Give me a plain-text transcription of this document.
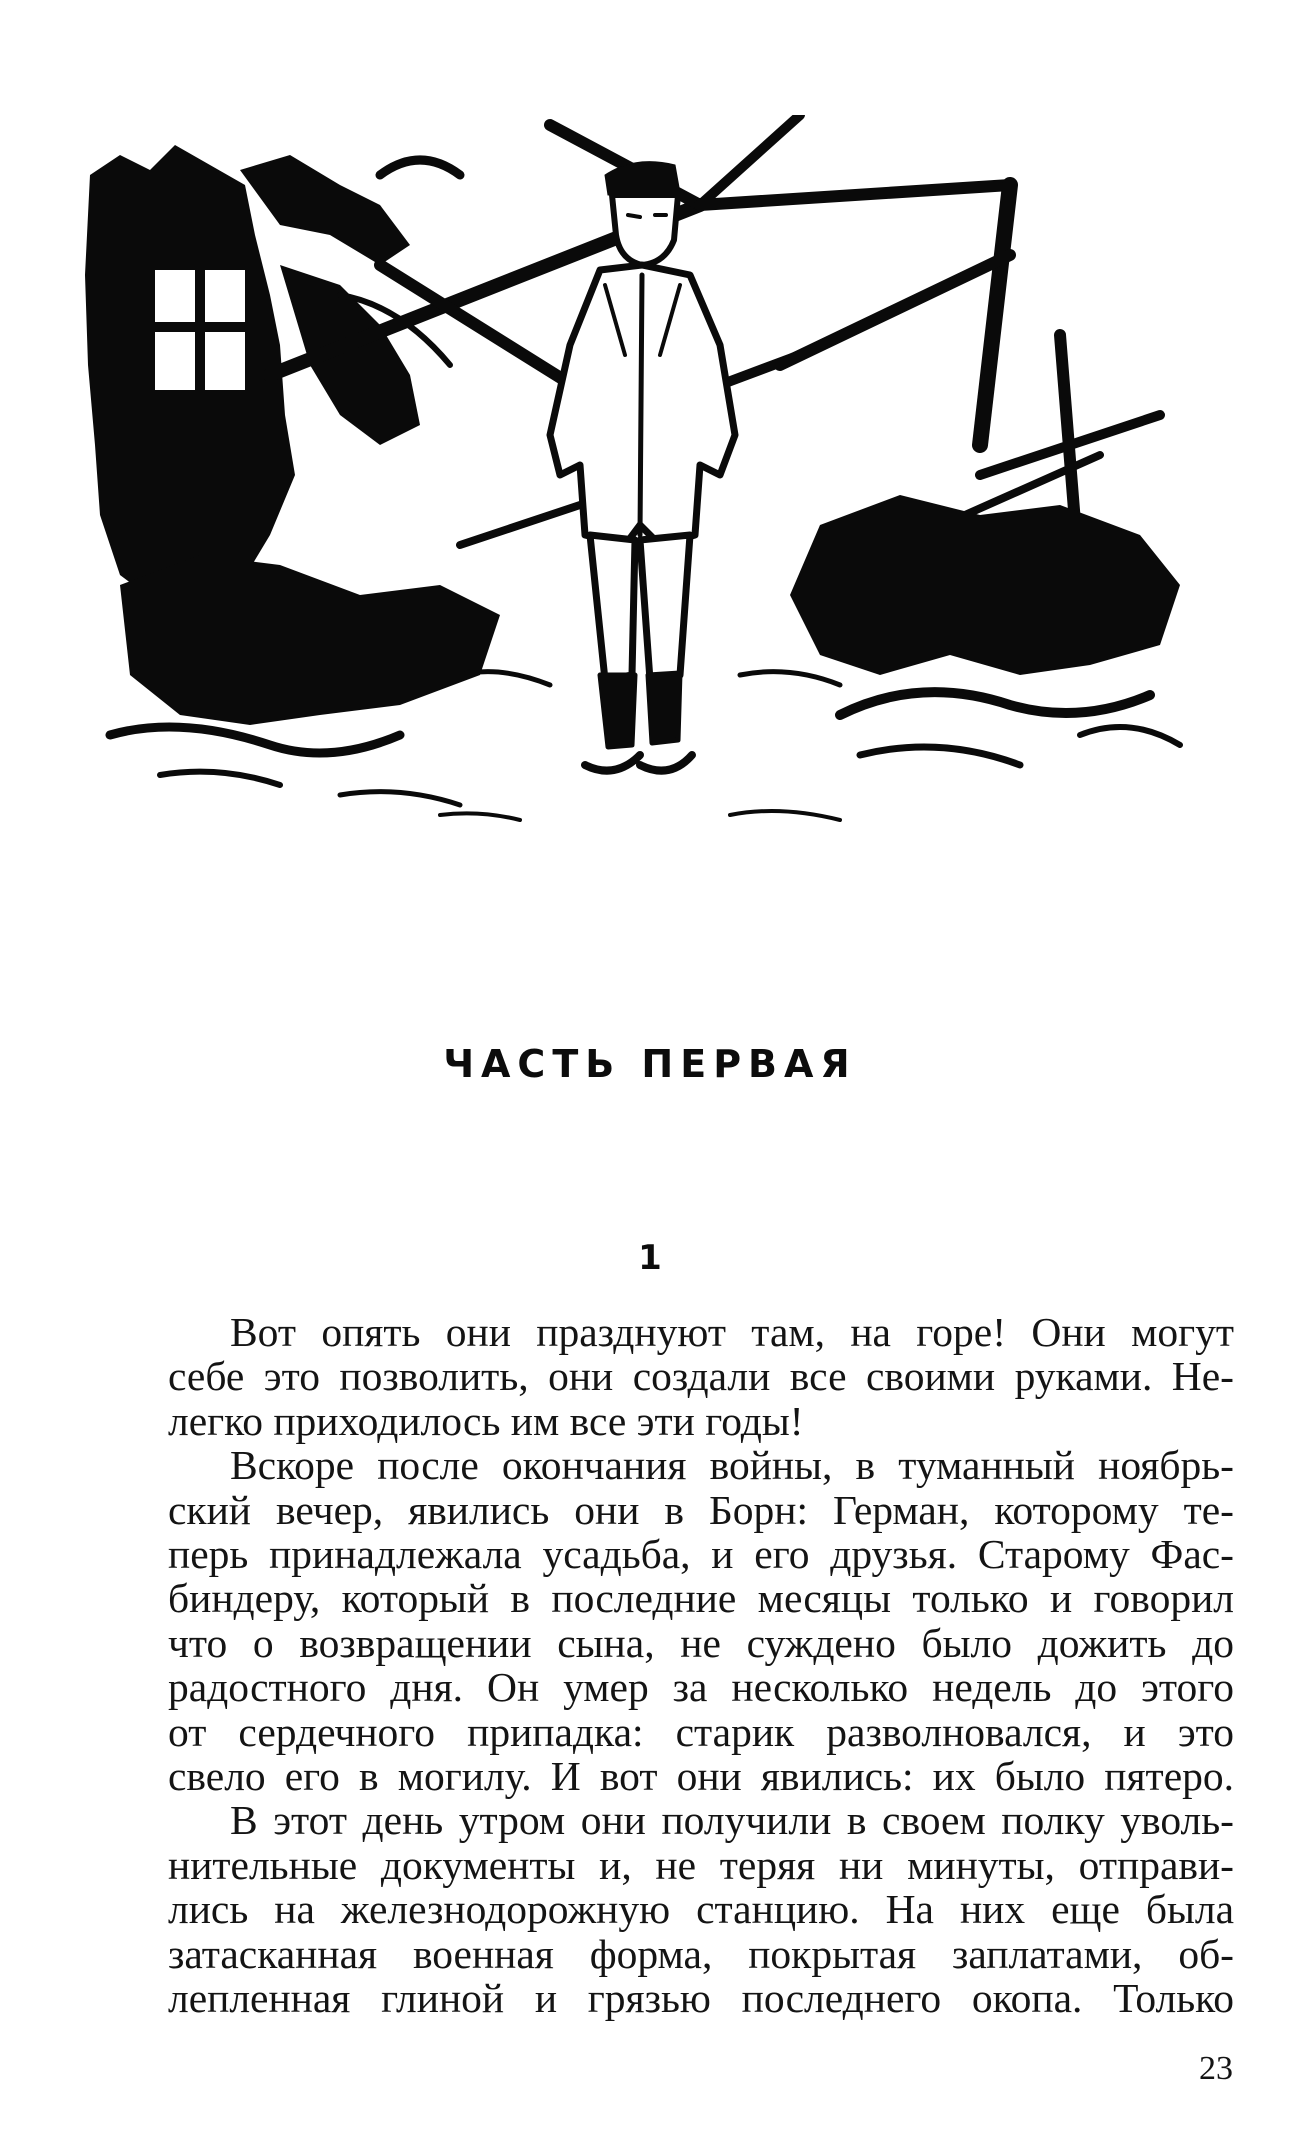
ЧАСТЬ ПЕРВАЯ
1
Вот опять они празднуют там, на горе! Они могут
себе это позволить, они создали все своими руками. Не-
легко приходилось им все эти годы!
Вскоре после окончания войны, в туманный ноябрь-
ский вечер, явились они в Борн: Герман, которому те-
перь принадлежала усадьба, и его друзья. Старому Фас-
биндеру, который в последние месяцы только и говорил
что о возвращении сына, не суждено было дожить до
радостного дня. Он умер за несколько недель до этого
от сердечного припадка: старик разволновался, и это
свело его в могилу. И вот они явились: их было пятеро.
В этот день утром они получили в своем полку уволь-
нительные документы и, не теряя ни минуты, отправи-
лись на железнодорожную станцию. На них еще была
затасканная военная форма, покрытая заплатами, об-
лепленная глиной и грязью последнего окопа. Только
23
